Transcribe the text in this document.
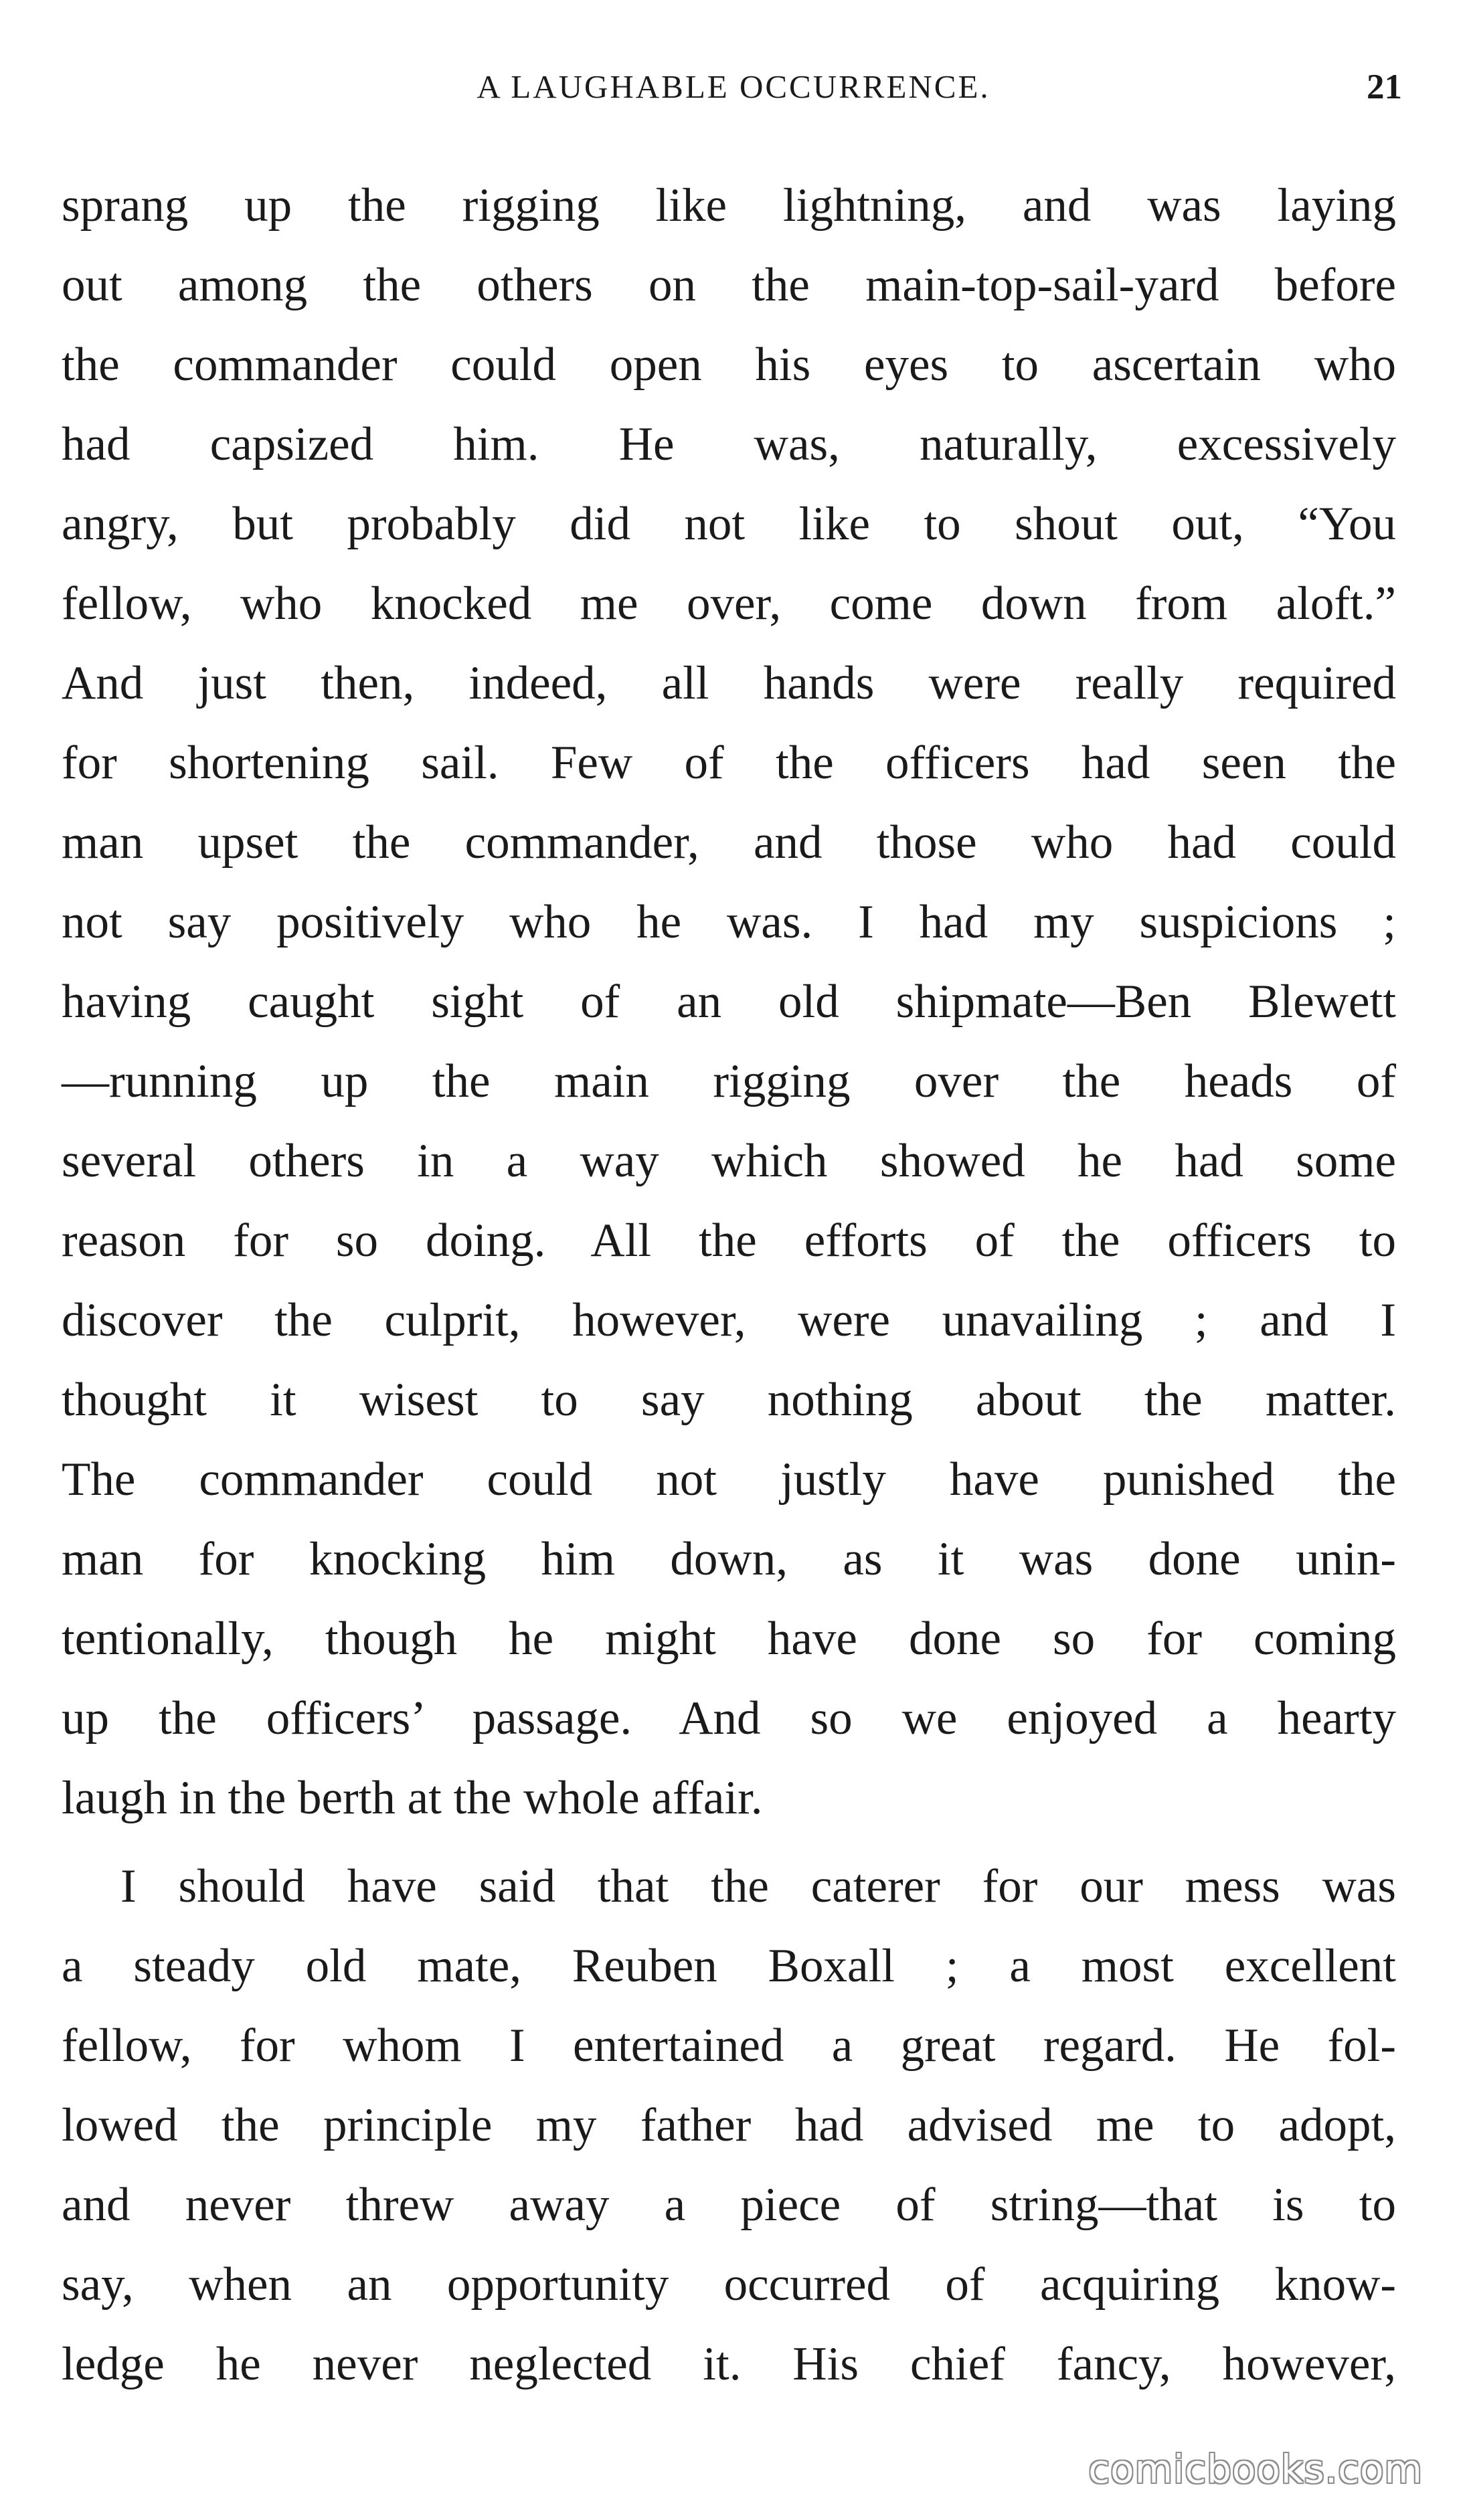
A LAUGHABLE OCCURRENCE.	21
sprang up the rigging like lightning, and was laying
out among the others on the main-top-sail-yard before
the commander could open his eyes to ascertain who
had capsized him. He was, naturally, excessively
angry, but probably did not like to shout out, “You
fellow, who knocked me over, come down from aloft.”
And just then, indeed, all hands were really required
for shortening sail. Few of the officers had seen the
man upset the commander, and those who had could
not say positively who he was. I had my suspicions ;
having caught sight of an old shipmate—Ben Blewett
—running up the main rigging over the heads of
several others in a way which showed he had some
reason for so doing. All the efforts of the officers to
discover the culprit, however, were unavailing ; and I
thought it wisest to say nothing about the matter.
The commander could not justly have punished the
man for knocking him down, as it was done unin-
tentionally, though he might have done so for coming
up the officers’ passage. And so we enjoyed a hearty
laugh in the berth at the whole affair.
I should have said that the caterer for our mess was
a steady old mate, Reuben Boxall ; a most excellent
fellow, for whom I entertained a great regard. He fol-
lowed the principle my father had advised me to adopt,
and never threw away a piece of string—that is to
say, when an opportunity occurred of acquiring know-
ledge he never neglected it. His chief fancy, however,
comicbooks.com
